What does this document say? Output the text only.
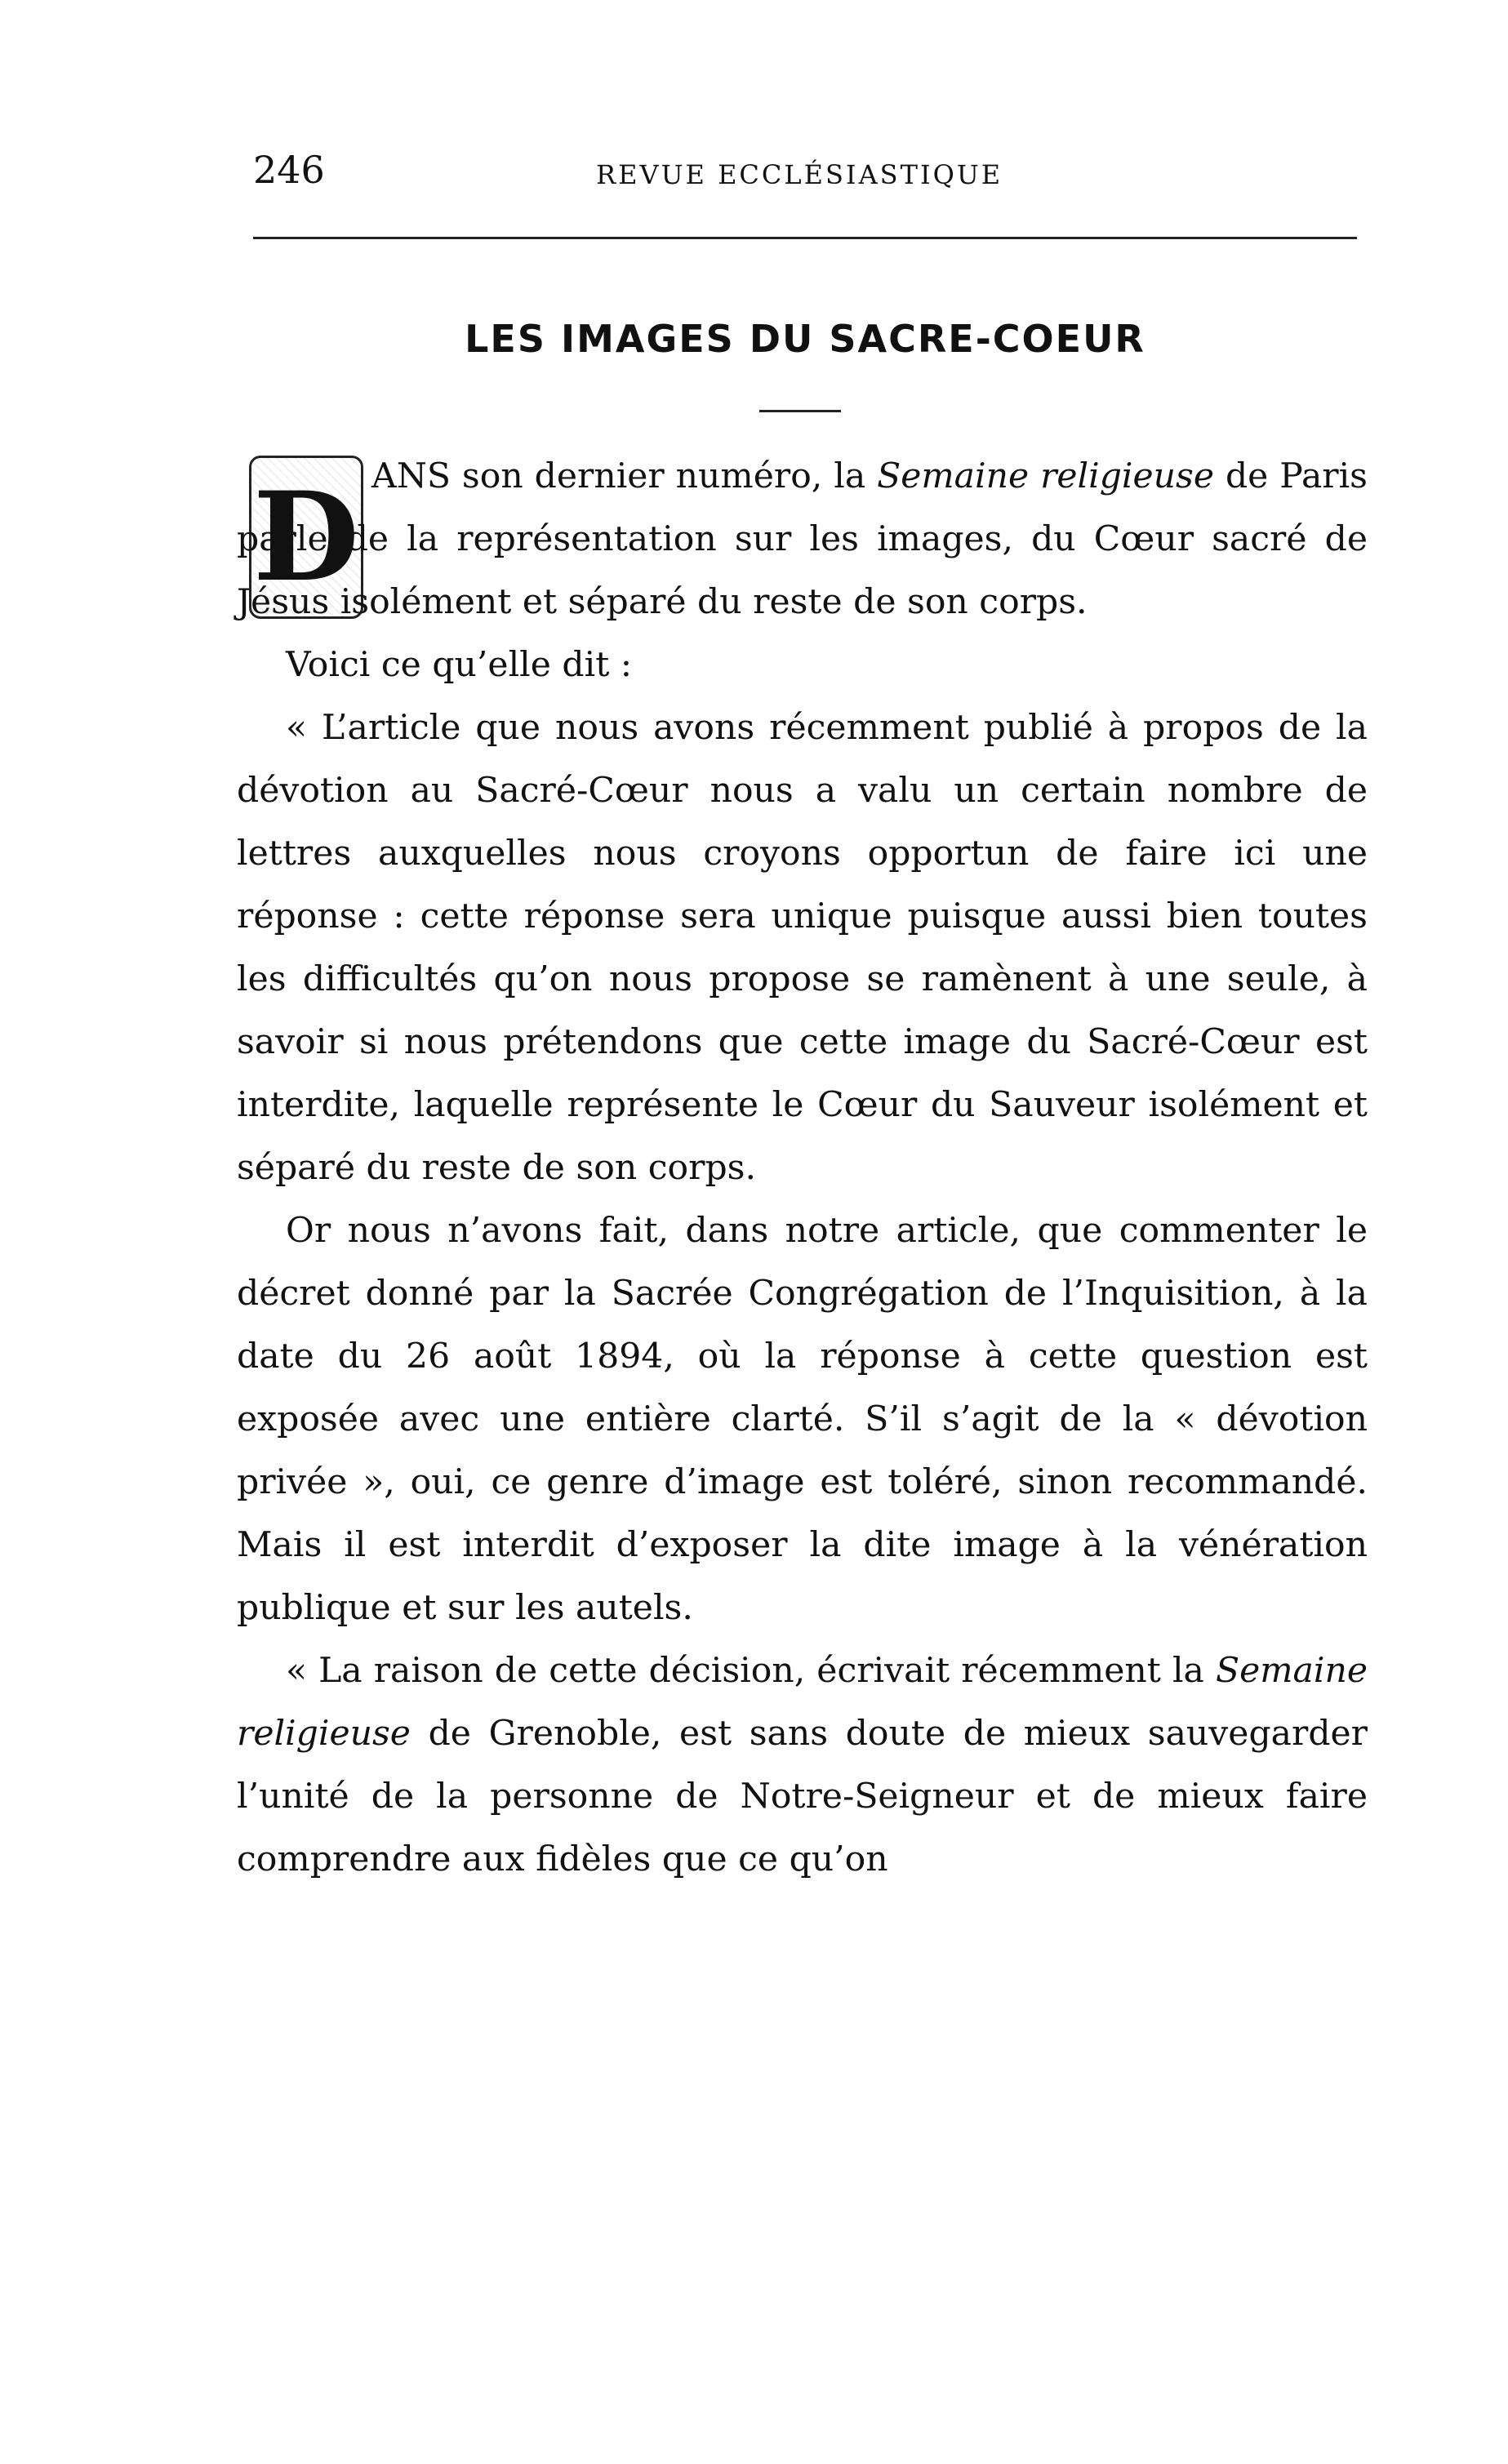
246	REVUE ECCLÉSIASTIQUE
LES IMAGES DU SACRE-COEUR
D ANS son dernier numéro, la Semaine religieuse de Paris parle de la représentation sur les images, du Cœur sacré de Jésus isolément et séparé du reste de son corps.

Voici ce qu’elle dit :

« L’article que nous avons récemment publié à propos de la dévotion au Sacré-Cœur nous a valu un certain nombre de lettres auxquelles nous croyons opportun de faire ici une réponse : cette réponse sera unique puisque aussi bien toutes les difficultés qu’on nous propose se ramènent à une seule, à savoir si nous prétendons que cette image du Sacré-Cœur est interdite, laquelle représente le Cœur du Sauveur isolément et séparé du reste de son corps.

Or nous n’avons fait, dans notre article, que commenter le décret donné par la Sacrée Congrégation de l’Inquisition, à la date du 26 août 1894, où la réponse à cette question est exposée avec une entière clarté. S’il s’agit de la « dévotion privée », oui, ce genre d’image est toléré, sinon recommandé. Mais il est interdit d’exposer la dite image à la vénération publique et sur les autels.

« La raison de cette décision, écrivait récemment la Semaine religieuse de Grenoble, est sans doute de mieux sauvegarder l’unité de la personne de Notre-Seigneur et de mieux faire comprendre aux fidèles que ce qu’on
